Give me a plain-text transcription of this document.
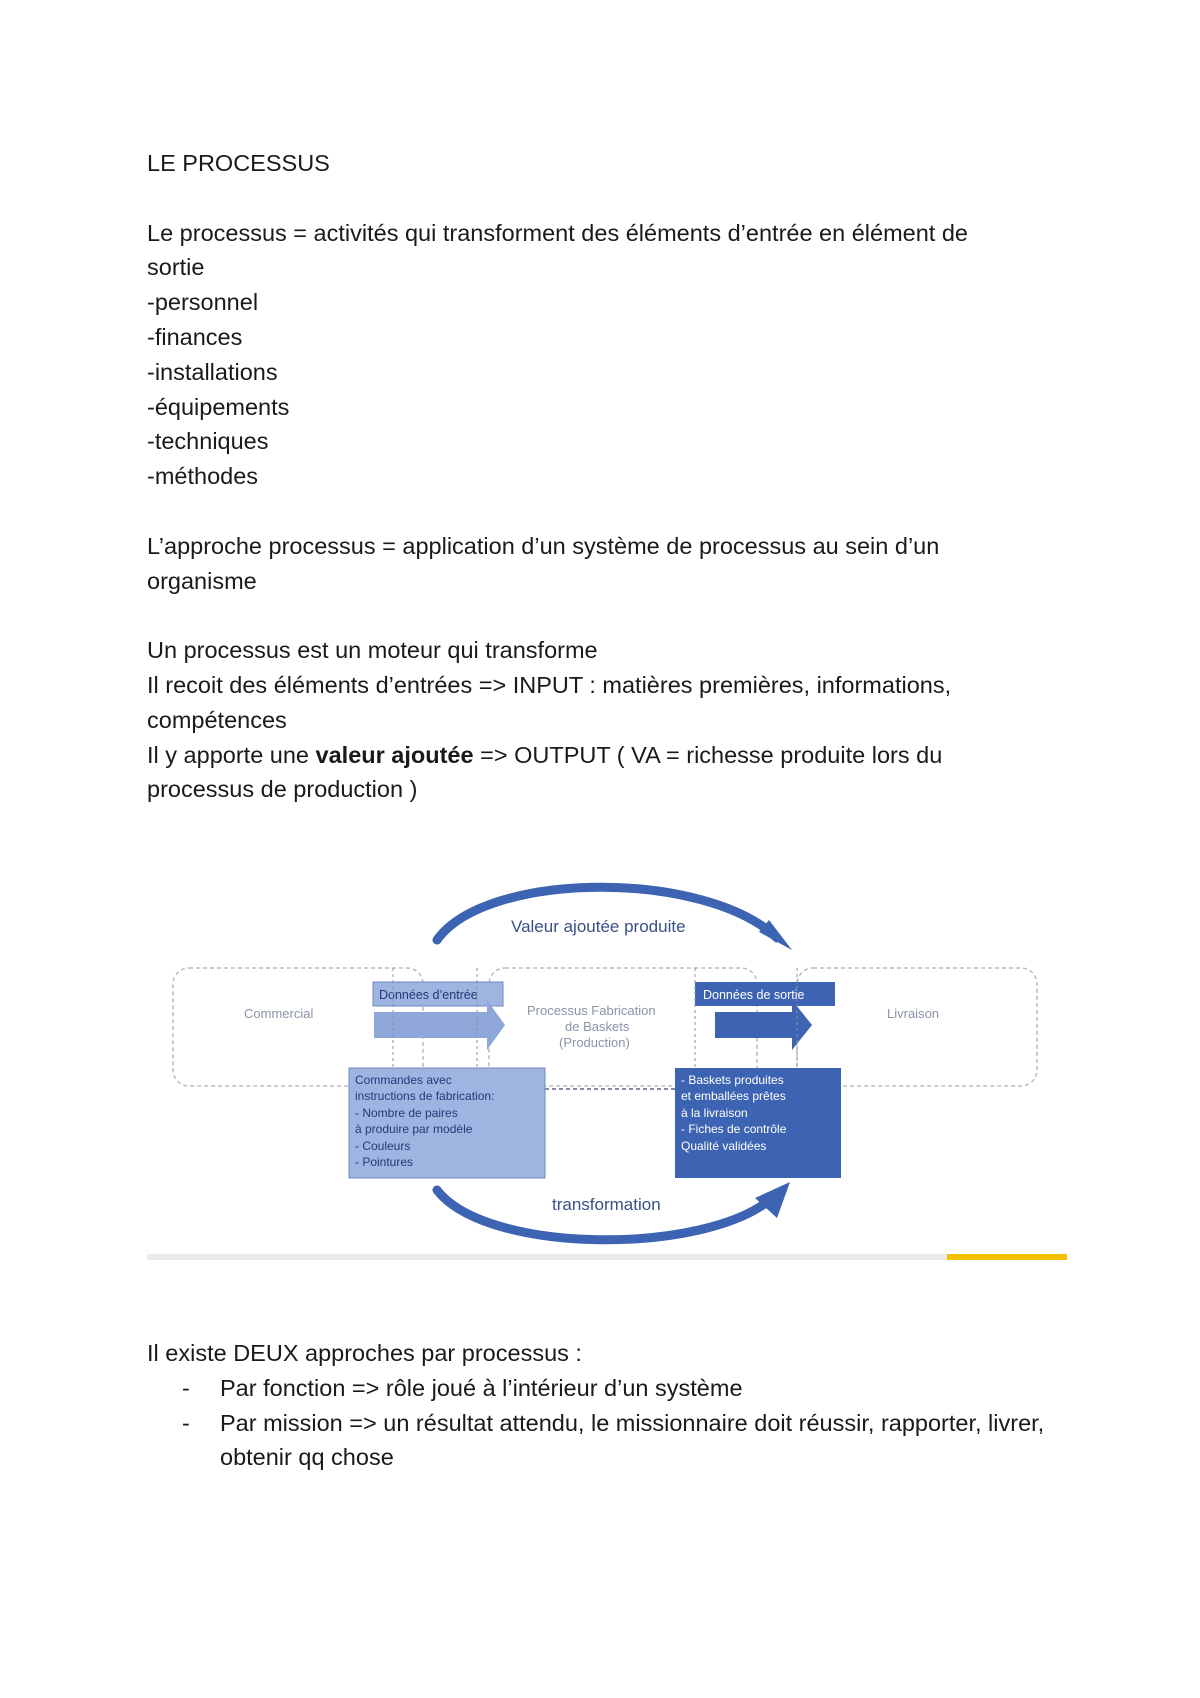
LE PROCESSUS
Le processus = activités qui transforment des éléments d’entrée en élément de
sortie
-personnel
-finances
-installations
-équipements
-techniques
-méthodes
L’approche processus = application d’un système de processus au sein d’un
organisme
Un processus est un moteur qui transforme
Il recoit des éléments d’entrées => INPUT : matières premières, informations,
compétences
Il y apporte une valeur ajoutée => OUTPUT ( VA = richesse produite lors du
processus de production )
Valeur ajoutée produite
Commercial	Processus Fabrication
de Baskets
(Production)
Livraison
Données d’entrée	Données de sortie
Commandes avec
instructions de fabrication:
- Nombre de paires
à produire par modèle
- Couleurs
- Pointures
- Baskets produites
et emballées prêtes
à la livraison
- Fiches de contrôle
Qualité validées
transformation
Il existe DEUX approches par processus :
-	Par fonction => rôle joué à l’intérieur d’un système
-	Par mission => un résultat attendu, le missionnaire doit réussir, rapporter, livrer, obtenir qq chose
